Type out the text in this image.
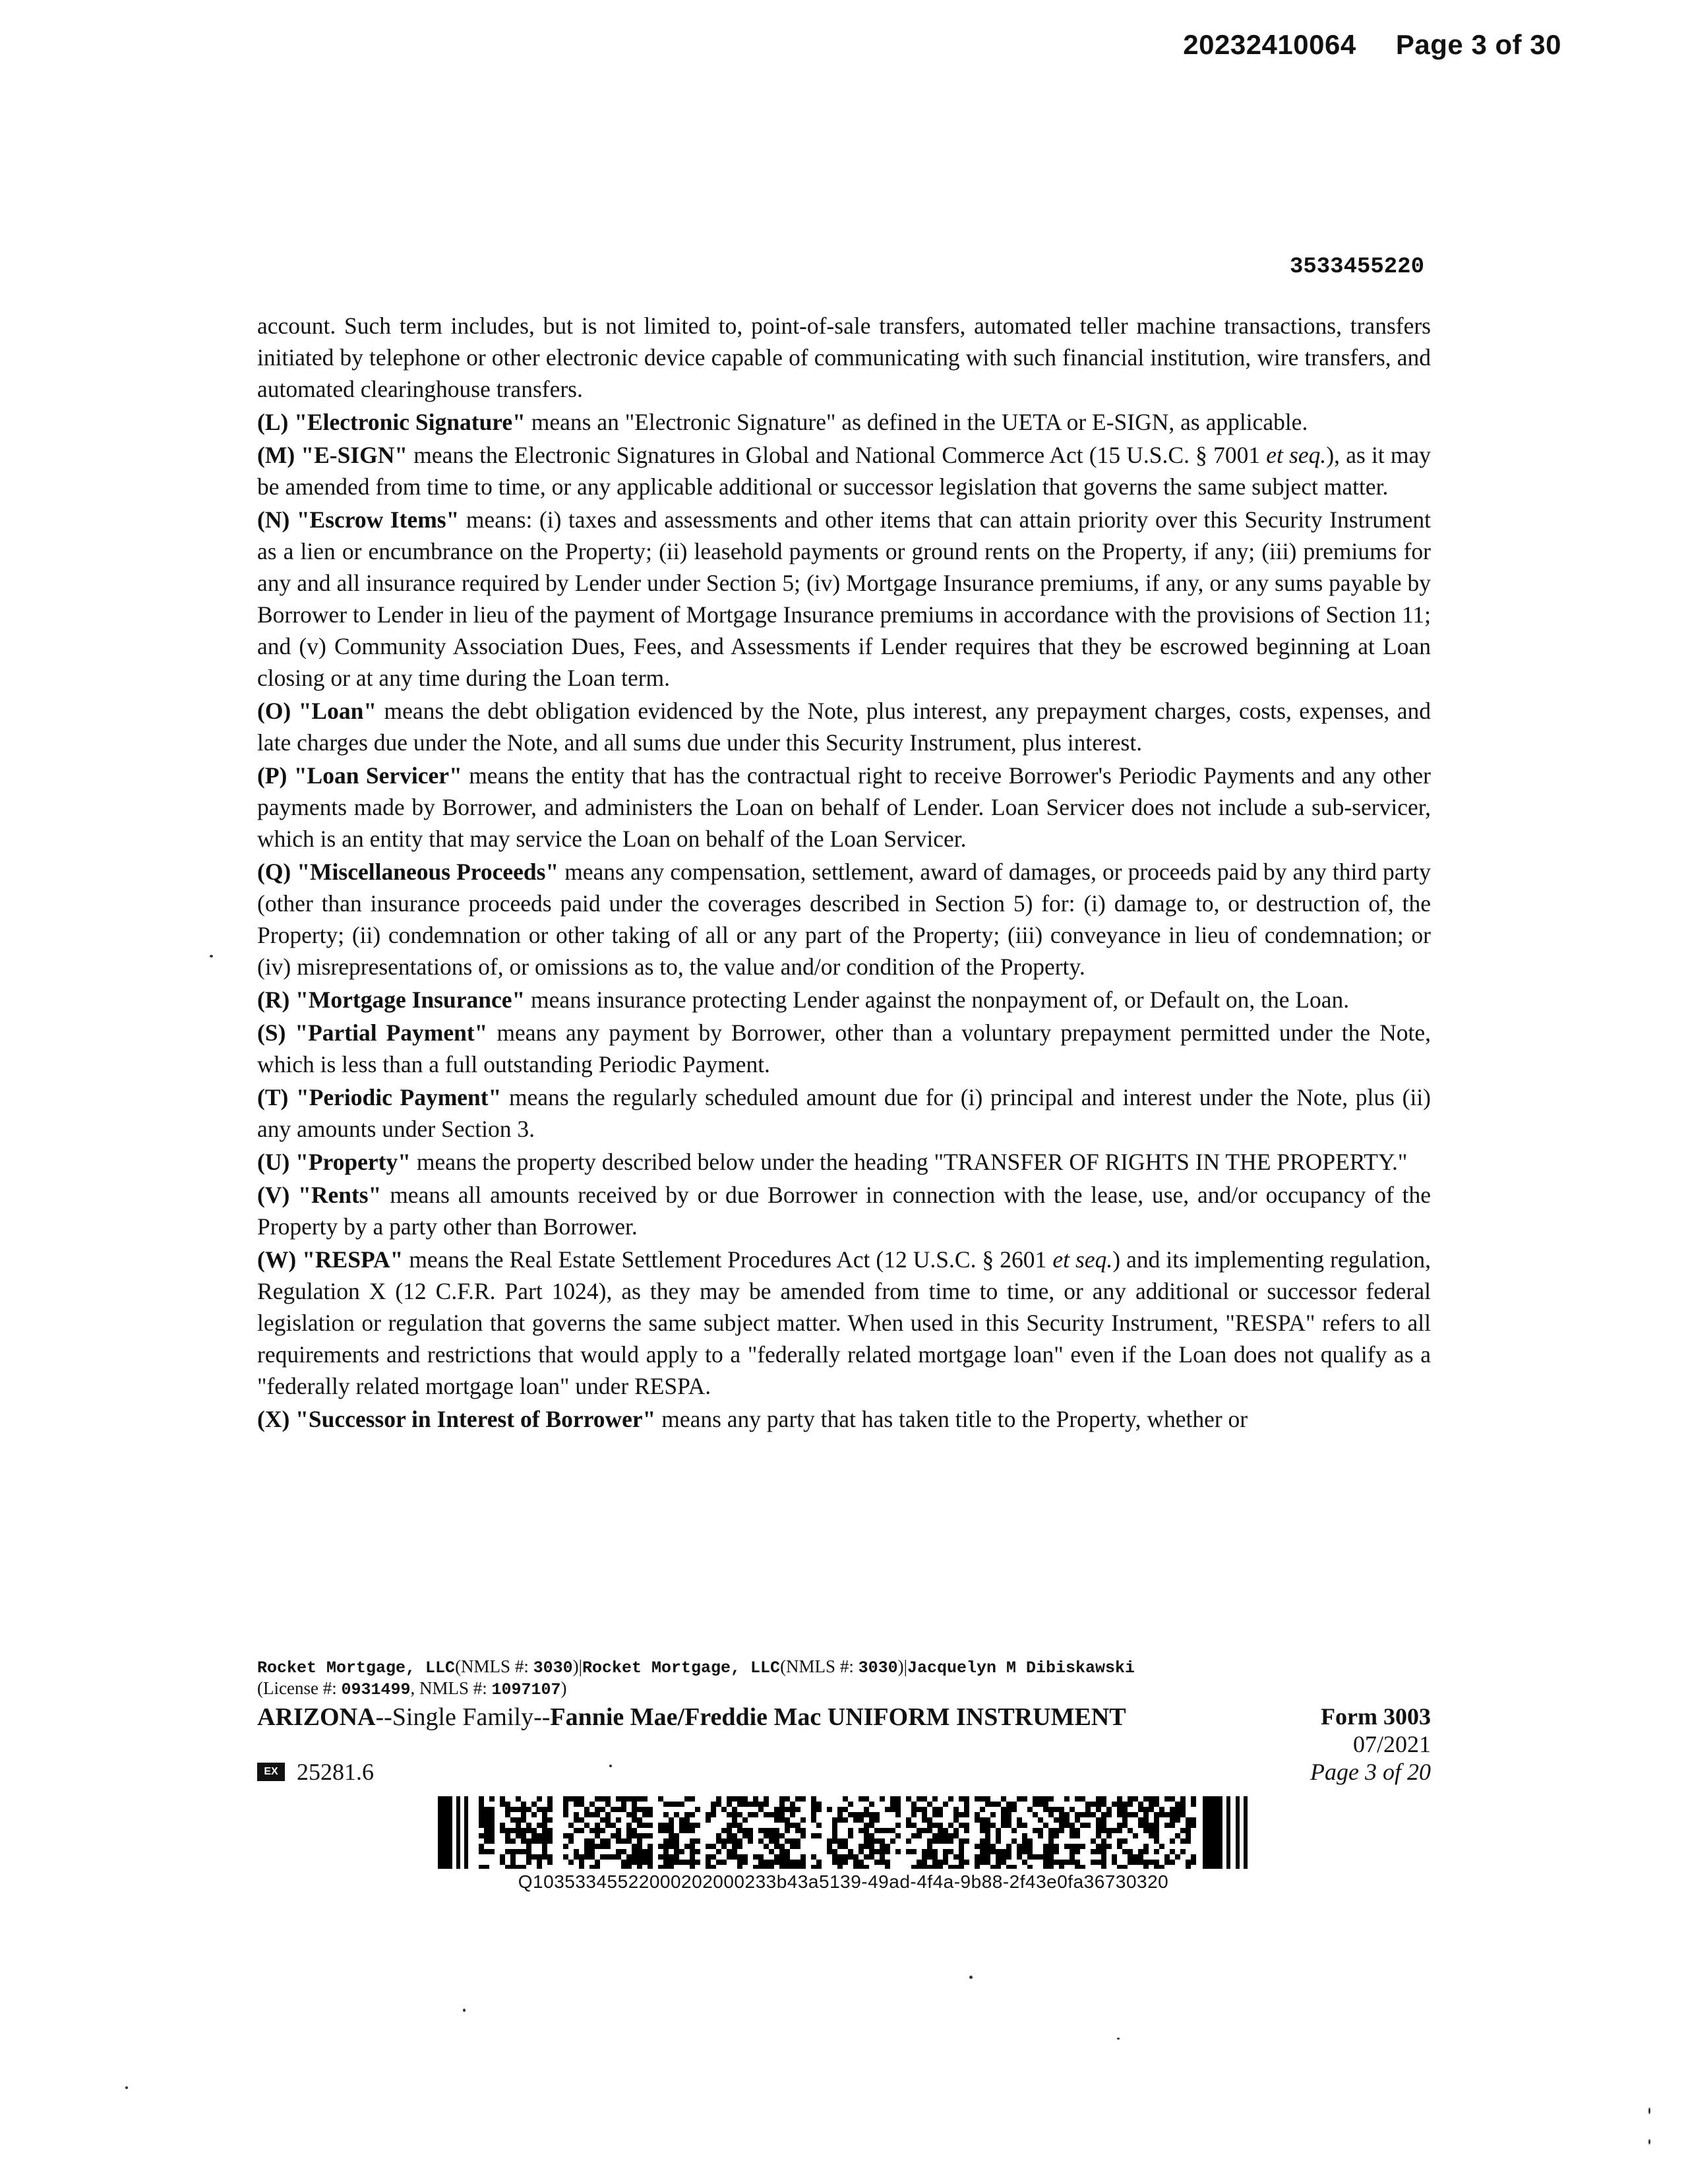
20232410064 Page 3 of 30
3533455220

account. Such term includes, but is not limited to, point-of-sale transfers, automated teller machine transactions, transfers initiated by telephone or other electronic device capable of communicating with such financial institution, wire transfers, and automated clearinghouse transfers.

(L) "Electronic Signature" means an "Electronic Signature" as defined in the UETA or E-SIGN, as applicable.

(M) "E-SIGN" means the Electronic Signatures in Global and National Commerce Act (15 U.S.C. § 7001 et seq.), as it may be amended from time to time, or any applicable additional or successor legislation that governs the same subject matter.

(N) "Escrow Items" means: (i) taxes and assessments and other items that can attain priority over this Security Instrument as a lien or encumbrance on the Property; (ii) leasehold payments or ground rents on the Property, if any; (iii) premiums for any and all insurance required by Lender under Section 5; (iv) Mortgage Insurance premiums, if any, or any sums payable by Borrower to Lender in lieu of the payment of Mortgage Insurance premiums in accordance with the provisions of Section 11; and (v) Community Association Dues, Fees, and Assessments if Lender requires that they be escrowed beginning at Loan closing or at any time during the Loan term.

(O) "Loan" means the debt obligation evidenced by the Note, plus interest, any prepayment charges, costs, expenses, and late charges due under the Note, and all sums due under this Security Instrument, plus interest.

(P) "Loan Servicer" means the entity that has the contractual right to receive Borrower's Periodic Payments and any other payments made by Borrower, and administers the Loan on behalf of Lender. Loan Servicer does not include a sub-servicer, which is an entity that may service the Loan on behalf of the Loan Servicer.

(Q) "Miscellaneous Proceeds" means any compensation, settlement, award of damages, or proceeds paid by any third party (other than insurance proceeds paid under the coverages described in Section 5) for: (i) damage to, or destruction of, the Property; (ii) condemnation or other taking of all or any part of the Property; (iii) conveyance in lieu of condemnation; or (iv) misrepresentations of, or omissions as to, the value and/or condition of the Property.

(R) "Mortgage Insurance" means insurance protecting Lender against the nonpayment of, or Default on, the Loan.

(S) "Partial Payment" means any payment by Borrower, other than a voluntary prepayment permitted under the Note, which is less than a full outstanding Periodic Payment.

(T) "Periodic Payment" means the regularly scheduled amount due for (i) principal and interest under the Note, plus (ii) any amounts under Section 3.

(U) "Property" means the property described below under the heading "TRANSFER OF RIGHTS IN THE PROPERTY."

(V) "Rents" means all amounts received by or due Borrower in connection with the lease, use, and/or occupancy of the Property by a party other than Borrower.

(W) "RESPA" means the Real Estate Settlement Procedures Act (12 U.S.C. § 2601 et seq.) and its implementing regulation, Regulation X (12 C.F.R. Part 1024), as they may be amended from time to time, or any additional or successor federal legislation or regulation that governs the same subject matter. When used in this Security Instrument, "RESPA" refers to all requirements and restrictions that would apply to a "federally related mortgage loan" even if the Loan does not qualify as a "federally related mortgage loan" under RESPA.

(X) "Successor in Interest of Borrower" means any party that has taken title to the Property, whether or

Rocket Mortgage, LLC(NMLS #: 3030)|Rocket Mortgage, LLC(NMLS #: 3030)|Jacquelyn M Dibiskawski
(License #: 0931499, NMLS #: 1097107)
ARIZONA--Single Family--Fannie Mae/Freddie Mac UNIFORM INSTRUMENT	Form 3003
07/2021
Page 3 of 20
EX 25281.6
Q10353345522000202000233b43a5139-49ad-4f4a-9b88-2f43e0fa36730320
